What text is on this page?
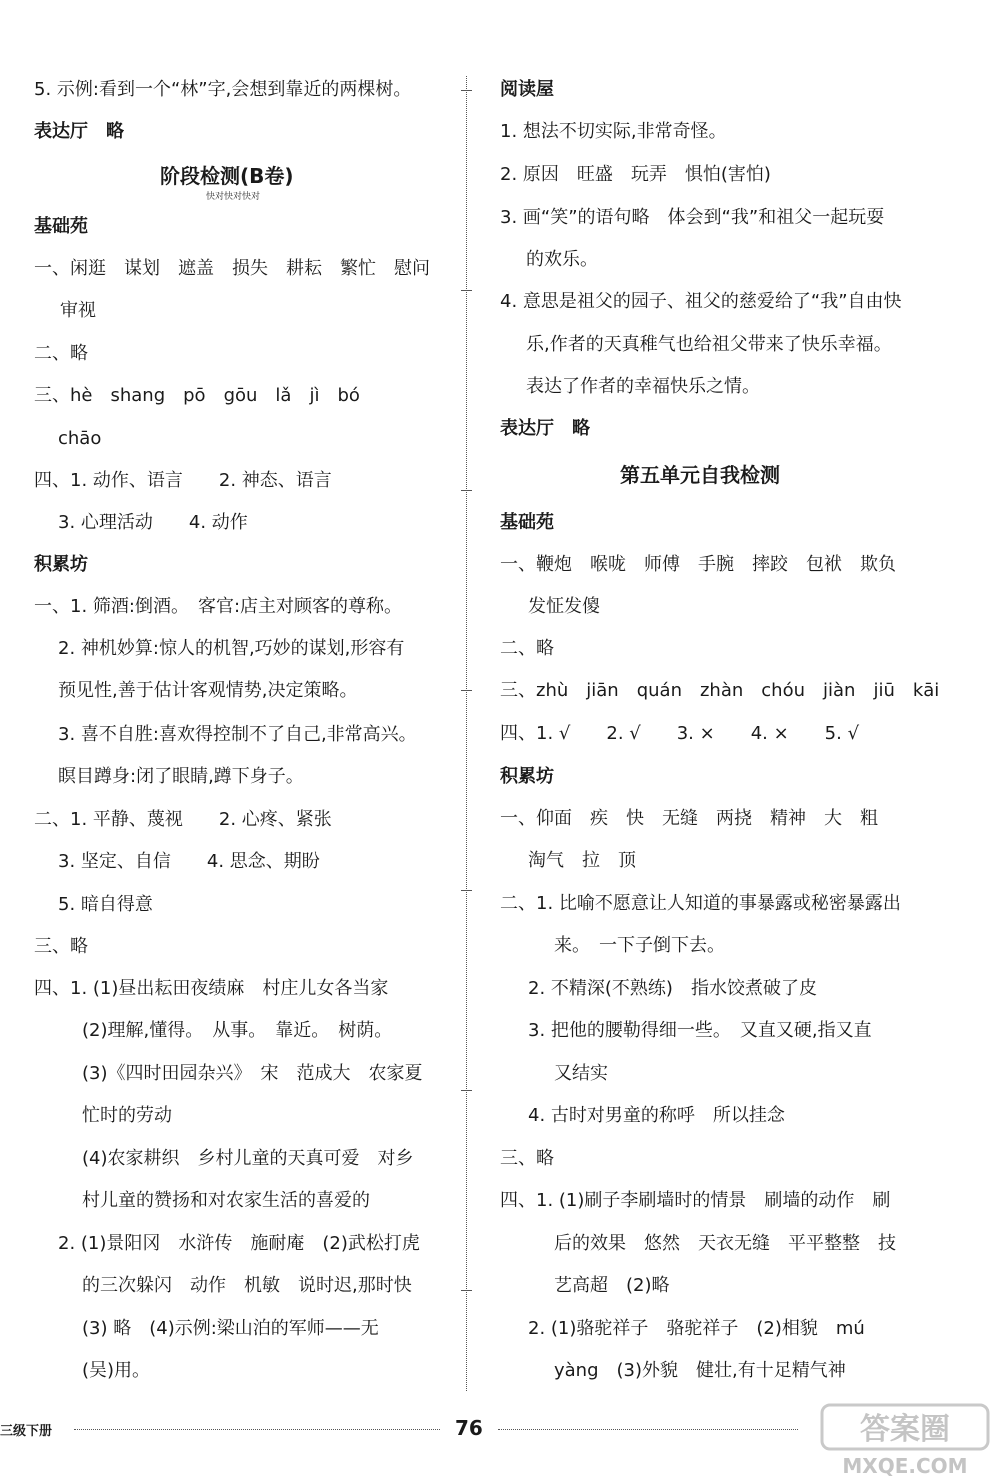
5. 示例:看到一个“林”字,会想到靠近的两棵树。
表达厅　略
阶段检测(B卷)
快对快对快对
基础苑
一、闲逛　谋划　遮盖　损失　耕耘　繁忙　慰问
审视
二、略
三、hè　shang　pō　gōu　lǎ　jì　bó
chāo
四、1. 动作、语言　　2. 神态、语言
3. 心理活动　　4. 动作
积累坊
一、1. 筛酒:倒酒。　客官:店主对顾客的尊称。
2. 神机妙算:惊人的机智,巧妙的谋划,形容有
预见性,善于估计客观情势,决定策略。
3. 喜不自胜:喜欢得控制不了自己,非常高兴。
瞑目蹲身:闭了眼睛,蹲下身子。
二、1. 平静、蔑视　　2. 心疼、紧张
3. 坚定、自信　　4. 思念、期盼
5. 暗自得意
三、略
四、1. (1)昼出耘田夜绩麻　村庄儿女各当家
(2)理解,懂得。　从事。　靠近。　树荫。
(3)《四时田园杂兴》　宋　范成大　农家夏
忙时的劳动
(4)农家耕织　乡村儿童的天真可爱　对乡
村儿童的赞扬和对农家生活的喜爱的
2. (1)景阳冈　水浒传　施耐庵　(2)武松打虎
的三次躲闪　动作　机敏　说时迟,那时快
(3) 略　(4)示例:梁山泊的军师——无
(吴)用。
阅读屋
1. 想法不切实际,非常奇怪。
2. 原因　旺盛　玩弄　惧怕(害怕)
3. 画“笑”的语句略　体会到“我”和祖父一起玩耍
的欢乐。
4. 意思是祖父的园子、祖父的慈爱给了“我”自由快
乐,作者的天真稚气也给祖父带来了快乐幸福。
表达了作者的幸福快乐之情。
表达厅　略
第五单元自我检测
基础苑
一、鞭炮　喉咙　师傅　手腕　摔跤　包袱　欺负
发怔发傻
二、略
三、zhù　jiān　quán　zhàn　chóu　jiàn　jiū　kāi
四、1. √　　2. √　　3. ×　　4. ×　　5. √
积累坊
一、仰面　疾　快　无缝　两挠　精神　大　粗
淘气　拉　顶
二、1. 比喻不愿意让人知道的事暴露或秘密暴露出
来。　一下子倒下去。
2. 不精深(不熟练)　指水饺煮破了皮
3. 把他的腰勒得细一些。　又直又硬,指又直
又结实
4. 古时对男童的称呼　所以挂念
三、略
四、1. (1)刷子李刷墙时的情景　刷墙的动作　刷
后的效果　悠然　天衣无缝　平平整整　技
艺高超　(2)略
2. (1)骆驼祥子　骆驼祥子　(2)相貌　mú
yàng　(3)外貌　健壮,有十足精气神
三级下册	76	答案圈
MXQE.COM
